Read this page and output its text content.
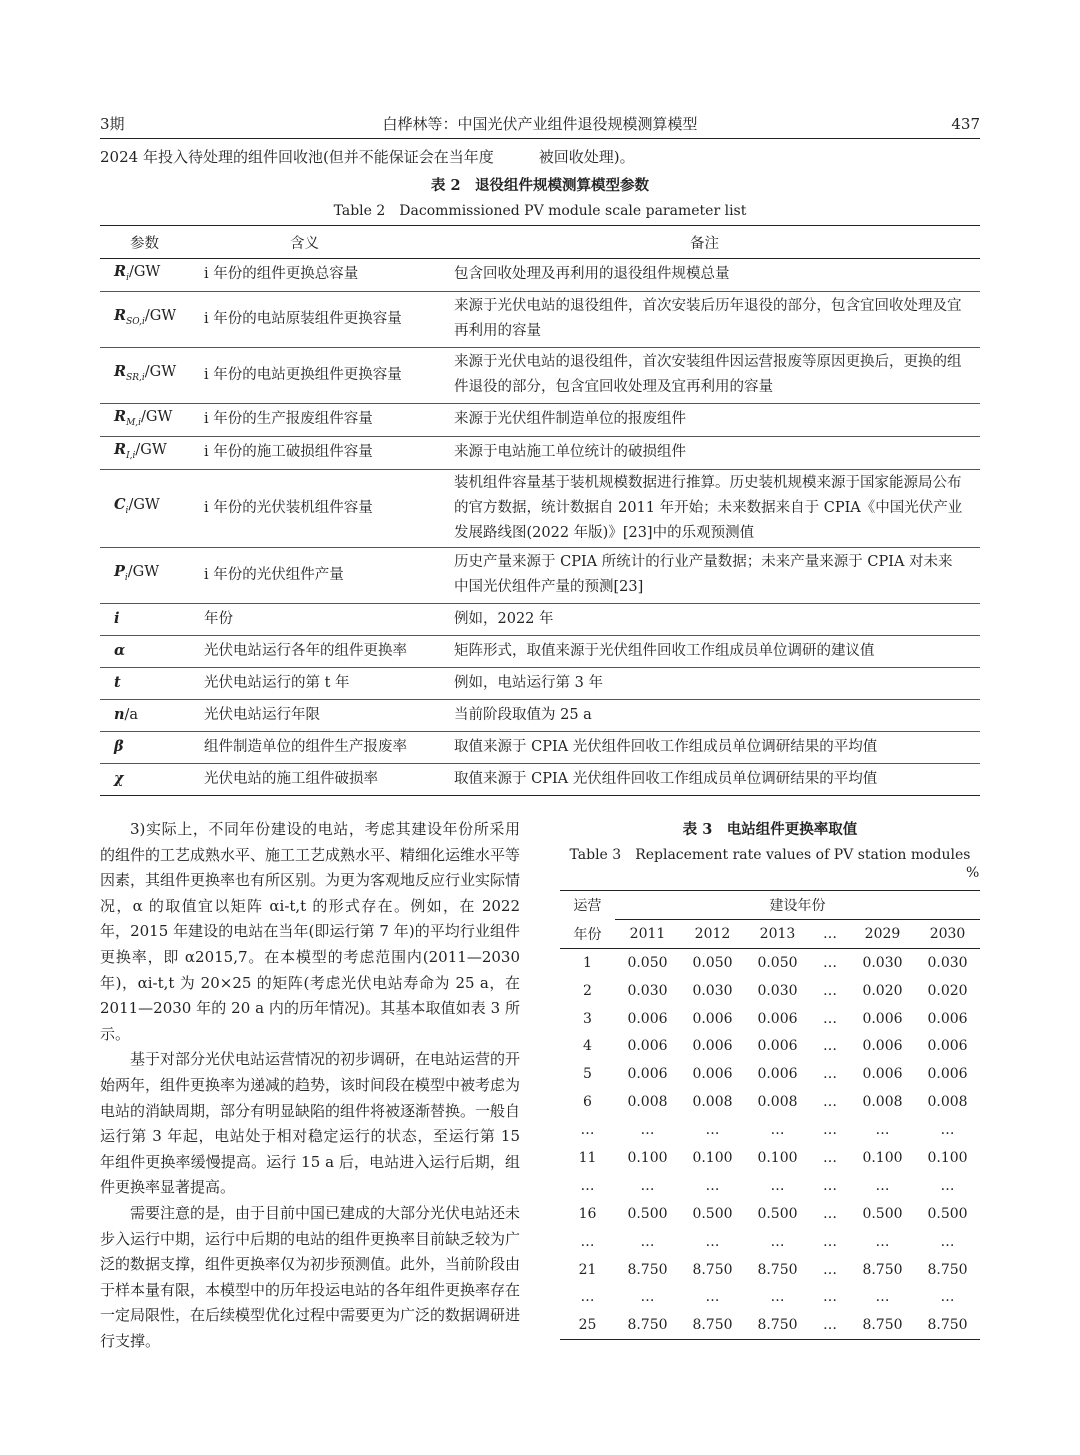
3期	白桦林等：中国光伏产业组件退役规模测算模型	437
2024 年投入待处理的组件回收池(但并不能保证会在当年度　　　被回收处理)。
表 2　退役组件规模测算模型参数
Table 2　Dacommissioned PV module scale parameter list
参数	含义	备注
$R_i/GW$	i 年份的组件更换总容量	包含回收处理及再利用的退役组件规模总量
$R_{SO,i}/GW$	i 年份的电站原装组件更换容量	来源于光伏电站的退役组件，首次安装后历年退役的部分，包含宜回收处理及宜再利用的容量
$R_{SR,i}/GW$	i 年份的电站更换组件更换容量	来源于光伏电站的退役组件，首次安装组件因运营报废等原因更换后，更换的组件退役的部分，包含宜回收处理及宜再利用的容量
$R_{M,i}/GW$	i 年份的生产报废组件容量	来源于光伏组件制造单位的报废组件
$R_{I,i}/GW$	i 年份的施工破损组件容量	来源于电站施工单位统计的破损组件
$C_i/GW$	i 年份的光伏装机组件容量	装机组件容量基于装机规模数据进行推算。历史装机规模来源于国家能源局公布的官方数据，统计数据自 2011 年开始；未来数据来自于 CPIA《中国光伏产业发展路线图(2022 年版)》[23]中的乐观预测值
$P_i/GW$	i 年份的光伏组件产量	历史产量来源于 CPIA 所统计的行业产量数据；未来产量来源于 CPIA 对未来中国光伏组件产量的预测[23]
i	年份	例如，2022 年
α	光伏电站运行各年的组件更换率	矩阵形式，取值来源于光伏组件回收工作组成员单位调研的建议值
t	光伏电站运行的第 t 年	例如，电站运行第 3 年
n/a	光伏电站运行年限	当前阶段取值为 25 a
β	组件制造单位的组件生产报废率	取值来源于 CPIA 光伏组件回收工作组成员单位调研结果的平均值
χ	光伏电站的施工组件破损率	取值来源于 CPIA 光伏组件回收工作组成员单位调研结果的平均值

3)实际上，不同年份建设的电站，考虑其建设年份所采用的组件的工艺成熟水平、施工工艺成熟水平、精细化运维水平等因素，其组件更换率也有所区别。为更为客观地反应行业实际情况，α 的取值宜以矩阵 αi-t,t 的形式存在。例如，在 2022 年，2015 年建设的电站在当年(即运行第 7 年)的平均行业组件更换率，即 α2015,7。在本模型的考虑范围内(2011—2030 年)，αi-t,t 为 20×25 的矩阵(考虑光伏电站寿命为 25 a，在 2011—2030 年的 20 a 内的历年情况)。其基本取值如表 3 所示。

基于对部分光伏电站运营情况的初步调研，在电站运营的开始两年，组件更换率为递减的趋势，该时间段在模型中被考虑为电站的消缺周期，部分有明显缺陷的组件将被逐渐替换。一般自运行第 3 年起，电站处于相对稳定运行的状态，至运行第 15 年组件更换率缓慢提高。运行 15 a 后，电站进入运行后期，组件更换率显著提高。

需要注意的是，由于目前中国已建成的大部分光伏电站还未步入运行中期，运行中后期的电站的组件更换率目前缺乏较为广泛的数据支撑，组件更换率仅为初步预测值。此外，当前阶段由于样本量有限，本模型中的历年投运电站的各年组件更换率存在一定局限性，在后续模型优化过程中需要更为广泛的数据调研进行支撑。

表 3　电站组件更换率取值
Table 3　Replacement rate values of PV station modules
%
运营	建设年份					
年份	2011	2012	2013	…	2029	2030
1	0.050	0.050	0.050	…	0.030	0.030
2	0.030	0.030	0.030	…	0.020	0.020
3	0.006	0.006	0.006	…	0.006	0.006
4	0.006	0.006	0.006	…	0.006	0.006
5	0.006	0.006	0.006	…	0.006	0.006
6	0.008	0.008	0.008	…	0.008	0.008
…	…	…	…	…	…	…
11	0.100	0.100	0.100	…	0.100	0.100
…	…	…	…	…	…	…
16	0.500	0.500	0.500	…	0.500	0.500
…	…	…	…	…	…	…
21	8.750	8.750	8.750	…	8.750	8.750
…	…	…	…	…	…	…
25	8.750	8.750	8.750	…	8.750	8.750
